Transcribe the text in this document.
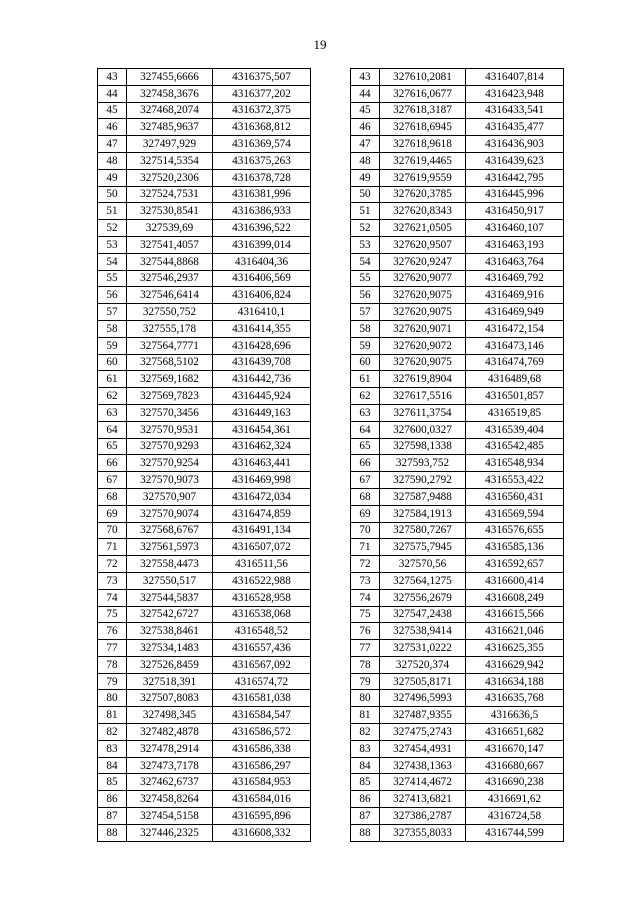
19
43	327455,6666	4316375,507
44	327458,3676	4316377,202
45	327468,2074	4316372,375
46	327485,9637	4316368,812
47	327497,929	4316369,574
48	327514,5354	4316375,263
49	327520,2306	4316378,728
50	327524,7531	4316381,996
51	327530,8541	4316386,933
52	327539,69	4316396,522
53	327541,4057	4316399,014
54	327544,8868	4316404,36
55	327546,2937	4316406,569
56	327546,6414	4316406,824
57	327550,752	4316410,1
58	327555,178	4316414,355
59	327564,7771	4316428,696
60	327568,5102	4316439,708
61	327569,1682	4316442,736
62	327569,7823	4316445,924
63	327570,3456	4316449,163
64	327570,9531	4316454,361
65	327570,9293	4316462,324
66	327570,9254	4316463,441
67	327570,9073	4316469,998
68	327570,907	4316472,034
69	327570,9074	4316474,859
70	327568,6767	4316491,134
71	327561,5973	4316507,072
72	327558,4473	4316511,56
73	327550,517	4316522,988
74	327544,5837	4316528,958
75	327542,6727	4316538,068
76	327538,8461	4316548,52
77	327534,1483	4316557,436
78	327526,8459	4316567,092
79	327518,391	4316574,72
80	327507,8083	4316581,038
81	327498,345	4316584,547
82	327482,4878	4316586,572
83	327478,2914	4316586,338
84	327473,7178	4316586,297
85	327462,6737	4316584,953
86	327458,8264	4316584,016
87	327454,5158	4316595,896
88	327446,2325	4316608,332
43	327610,2081	4316407,814
44	327616,0677	4316423,948
45	327618,3187	4316433,541
46	327618,6945	4316435,477
47	327618,9618	4316436,903
48	327619,4465	4316439,623
49	327619,9559	4316442,795
50	327620,3785	4316445,996
51	327620,8343	4316450,917
52	327621,0505	4316460,107
53	327620,9507	4316463,193
54	327620,9247	4316463,764
55	327620,9077	4316469,792
56	327620,9075	4316469,916
57	327620,9075	4316469,949
58	327620,9071	4316472,154
59	327620,9072	4316473,146
60	327620,9075	4316474,769
61	327619,8904	4316489,68
62	327617,5516	4316501,857
63	327611,3754	4316519,85
64	327600,0327	4316539,404
65	327598,1338	4316542,485
66	327593,752	4316548,934
67	327590,2792	4316553,422
68	327587,9488	4316560,431
69	327584,1913	4316569,594
70	327580,7267	4316576,655
71	327575,7945	4316585,136
72	327570,56	4316592,657
73	327564,1275	4316600,414
74	327556,2679	4316608,249
75	327547,2438	4316615,566
76	327538,9414	4316621,046
77	327531,0222	4316625,355
78	327520,374	4316629,942
79	327505,8171	4316634,188
80	327496,5993	4316635,768
81	327487,9355	4316636,5
82	327475,2743	4316651,682
83	327454,4931	4316670,147
84	327438,1363	4316680,667
85	327414,4672	4316690,238
86	327413,6821	4316691,62
87	327386,2787	4316724,58
88	327355,8033	4316744,599
